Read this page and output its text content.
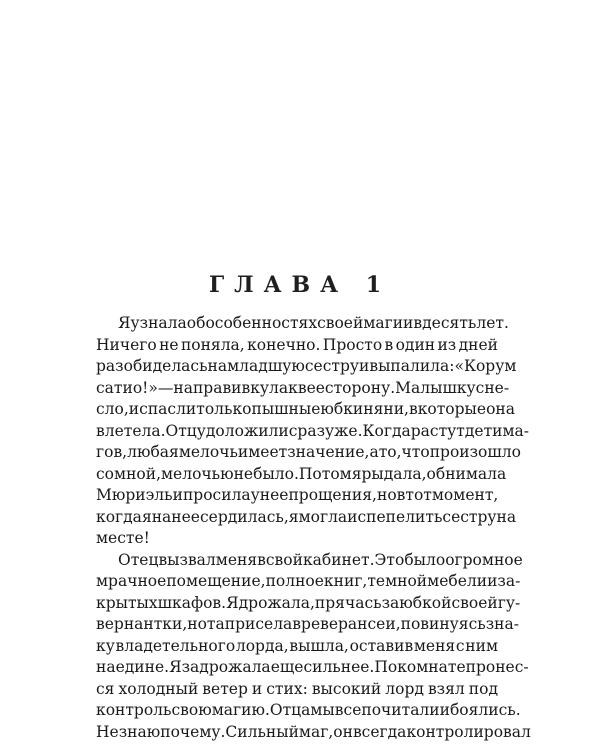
ГЛАВА 1
Я узнала об особенностях своей магии в десять лет.
Ничего не поняла, конечно. Просто в один из дней
разобиделась на младшую сестру и выпалила: «Корум
сатио!» — направив кулак в ее сторону. Малышку сне-
сло, и спасли только пышные юбки няни, в которые она
влетела. Отцу доложили сразу же. Когда растут дети ма-
гов, любая мелочь имеет значение, а то, что произошло
со мной, мелочью не было. Потом я рыдала, обнимала
Мюриэль и просила у нее прощения, но в тот момент,
когда я на нее сердилась, я могла испепелить сестру на
месте!
Отец вызвал меня в свой кабинет. Это было огромное
мрачное помещение, полное книг, темной мебели и за-
крытых шкафов. Я дрожала, прячась за юбкой своей гу-
вернантки, но та присела в реверансе и, повинуясь зна-
ку владетельного лорда, вышла, оставив меня с ним
наедине. Я задрожала еще сильнее. По комнате пронес-
ся холодный ветер и стих: высокий лорд взял под
контроль свою магию. Отца мы все почитали и боялись.
Не знаю почему. Сильный маг, он всегда контролировал
